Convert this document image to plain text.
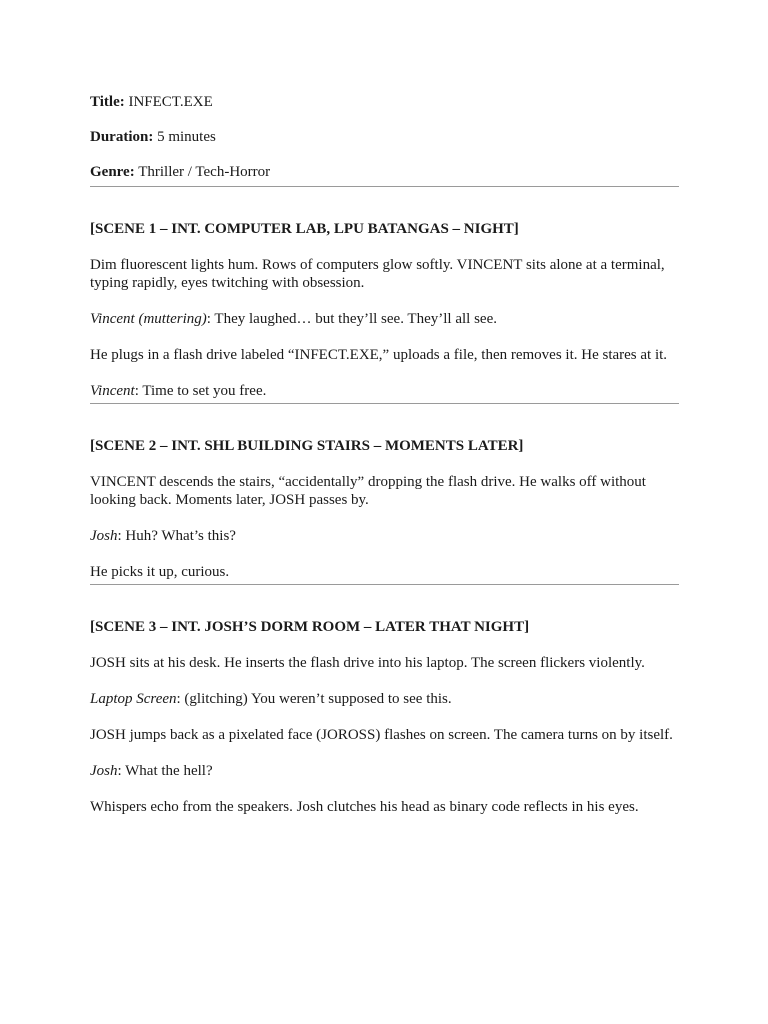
Title: INFECT.EXE
Duration: 5 minutes
Genre: Thriller / Tech-Horror

[SCENE 1 – INT. COMPUTER LAB, LPU BATANGAS – NIGHT]

Dim fluorescent lights hum. Rows of computers glow softly. VINCENT sits alone at a terminal, typing rapidly, eyes twitching with obsession.

Vincent (muttering): They laughed… but they’ll see. They’ll all see.

He plugs in a flash drive labeled “INFECT.EXE,” uploads a file, then removes it. He stares at it.

Vincent: Time to set you free.

[SCENE 2 – INT. SHL BUILDING STAIRS – MOMENTS LATER]

VINCENT descends the stairs, “accidentally” dropping the flash drive. He walks off without looking back. Moments later, JOSH passes by.

Josh: Huh? What’s this?

He picks it up, curious.

[SCENE 3 – INT. JOSH’S DORM ROOM – LATER THAT NIGHT]

JOSH sits at his desk. He inserts the flash drive into his laptop. The screen flickers violently.

Laptop Screen: (glitching) You weren’t supposed to see this.

JOSH jumps back as a pixelated face (JOROSS) flashes on screen. The camera turns on by itself.

Josh: What the hell?

Whispers echo from the speakers. Josh clutches his head as binary code reflects in his eyes.
